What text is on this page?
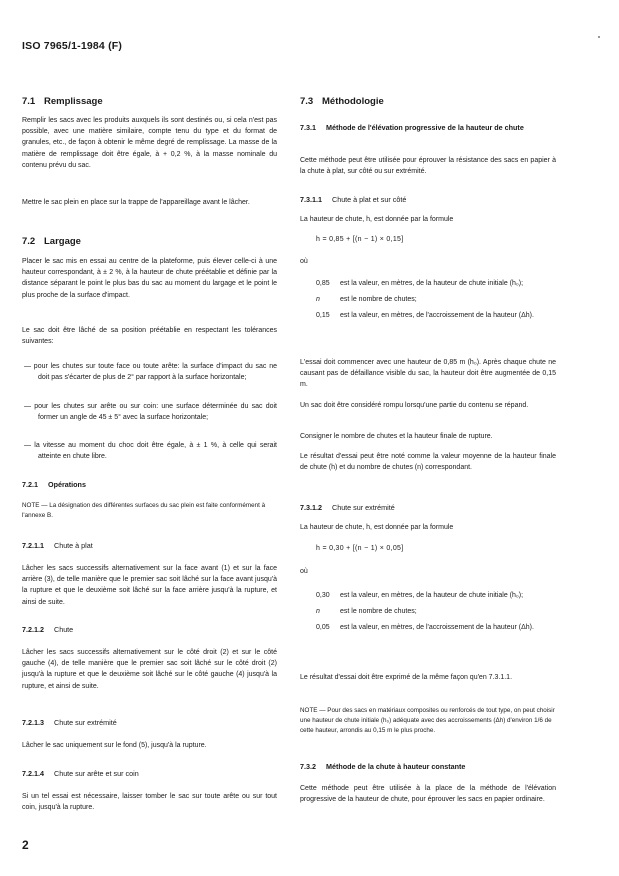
ISO 7965/1-1984 (F)

7.1 Remplissage

Remplir les sacs avec les produits auxquels ils sont destinés ou, si cela n'est pas possible, avec une matière similaire, compte tenu du type et du format de granules, etc., de façon à obtenir le même degré de remplissage. La masse de la matière de remplissage doit être égale, à + 0,2 %, à la masse nominale du contenu prévu du sac.

Mettre le sac plein en place sur la trappe de l'appareillage avant le lâcher.

7.2 Largage

Placer le sac mis en essai au centre de la plateforme, puis élever celle-ci à une hauteur correspondant, à ± 2 %, à la hauteur de chute préétablie et définie par la distance séparant le point le plus bas du sac au moment du largage et le point le plus proche de la surface d'impact.

Le sac doit être lâché de sa position préétablie en respectant les tolérances suivantes:

— pour les chutes sur toute face ou toute arête: la surface d'impact du sac ne doit pas s'écarter de plus de 2° par rapport à la surface horizontale;

— pour les chutes sur arête ou sur coin: une surface déterminée du sac doit former un angle de 45 ± 5° avec la surface horizontale;

— la vitesse au moment du choc doit être égale, à ± 1 %, à celle qui serait atteinte en chute libre.

7.2.1 Opérations

NOTE — La désignation des différentes surfaces du sac plein est faite conformément à l'annexe B.

7.2.1.1 Chute à plat

Lâcher les sacs successifs alternativement sur la face avant (1) et sur la face arrière (3), de telle manière que le premier sac soit lâché sur la face avant jusqu'à la rupture et que le deuxième soit lâché sur la face arrière jusqu'à la rupture, et ainsi de suite.

7.2.1.2 Chute

Lâcher les sacs successifs alternativement sur le côté droit (2) et sur le côté gauche (4), de telle manière que le premier sac soit lâché sur le côté droit (2) jusqu'à la rupture et que le deuxième soit lâché sur le côté gauche (4) jusqu'à la rupture, et ainsi de suite.

7.2.1.3 Chute sur extrémité

Lâcher le sac uniquement sur le fond (5), jusqu'à la rupture.

7.2.1.4 Chute sur arête et sur coin

Si un tel essai est nécessaire, laisser tomber le sac sur toute arête ou sur tout coin, jusqu'à la rupture.

7.3 Méthodologie

7.3.1 Méthode de l'élévation progressive de la hauteur de chute

Cette méthode peut être utilisée pour éprouver la résistance des sacs en papier à la chute à plat, sur côté ou sur extrémité.

7.3.1.1 Chute à plat et sur côté

La hauteur de chute, h, est donnée par la formule

h = 0,85 + [(n − 1) × 0,15]

où

0,85	est la valeur, en mètres, de la hauteur de chute initiale (h₀);
n	est le nombre de chutes;
0,15	est la valeur, en mètres, de l'accroissement de la hauteur (Δh).

L'essai doit commencer avec une hauteur de 0,85 m (h₀). Après chaque chute ne causant pas de défaillance visible du sac, la hauteur doit être augmentée de 0,15 m.

Un sac doit être considéré rompu lorsqu'une partie du contenu se répand.

Consigner le nombre de chutes et la hauteur finale de rupture.

Le résultat d'essai peut être noté comme la valeur moyenne de la hauteur finale de chute (h) et du nombre de chutes (n) correspondant.

7.3.1.2 Chute sur extrémité

La hauteur de chute, h, est donnée par la formule

h = 0,30 + [(n − 1) × 0,05]

où

0,30	est la valeur, en mètres, de la hauteur de chute initiale (h₀);
n	est le nombre de chutes;
0,05	est la valeur, en mètres, de l'accroissement de la hauteur (Δh).

Le résultat d'essai doit être exprimé de la même façon qu'en 7.3.1.1.

NOTE — Pour des sacs en matériaux composites ou renforcés de tout type, on peut choisir une hauteur de chute initiale (h₀) adéquate avec des accroissements (Δh) d'environ 1/6 de cette hauteur, arrondis au 0,15 m le plus proche.

7.3.2 Méthode de la chute à hauteur constante

Cette méthode peut être utilisée à la place de la méthode de l'élévation progressive de la hauteur de chute, pour éprouver les sacs en papier ordinaire.

2
